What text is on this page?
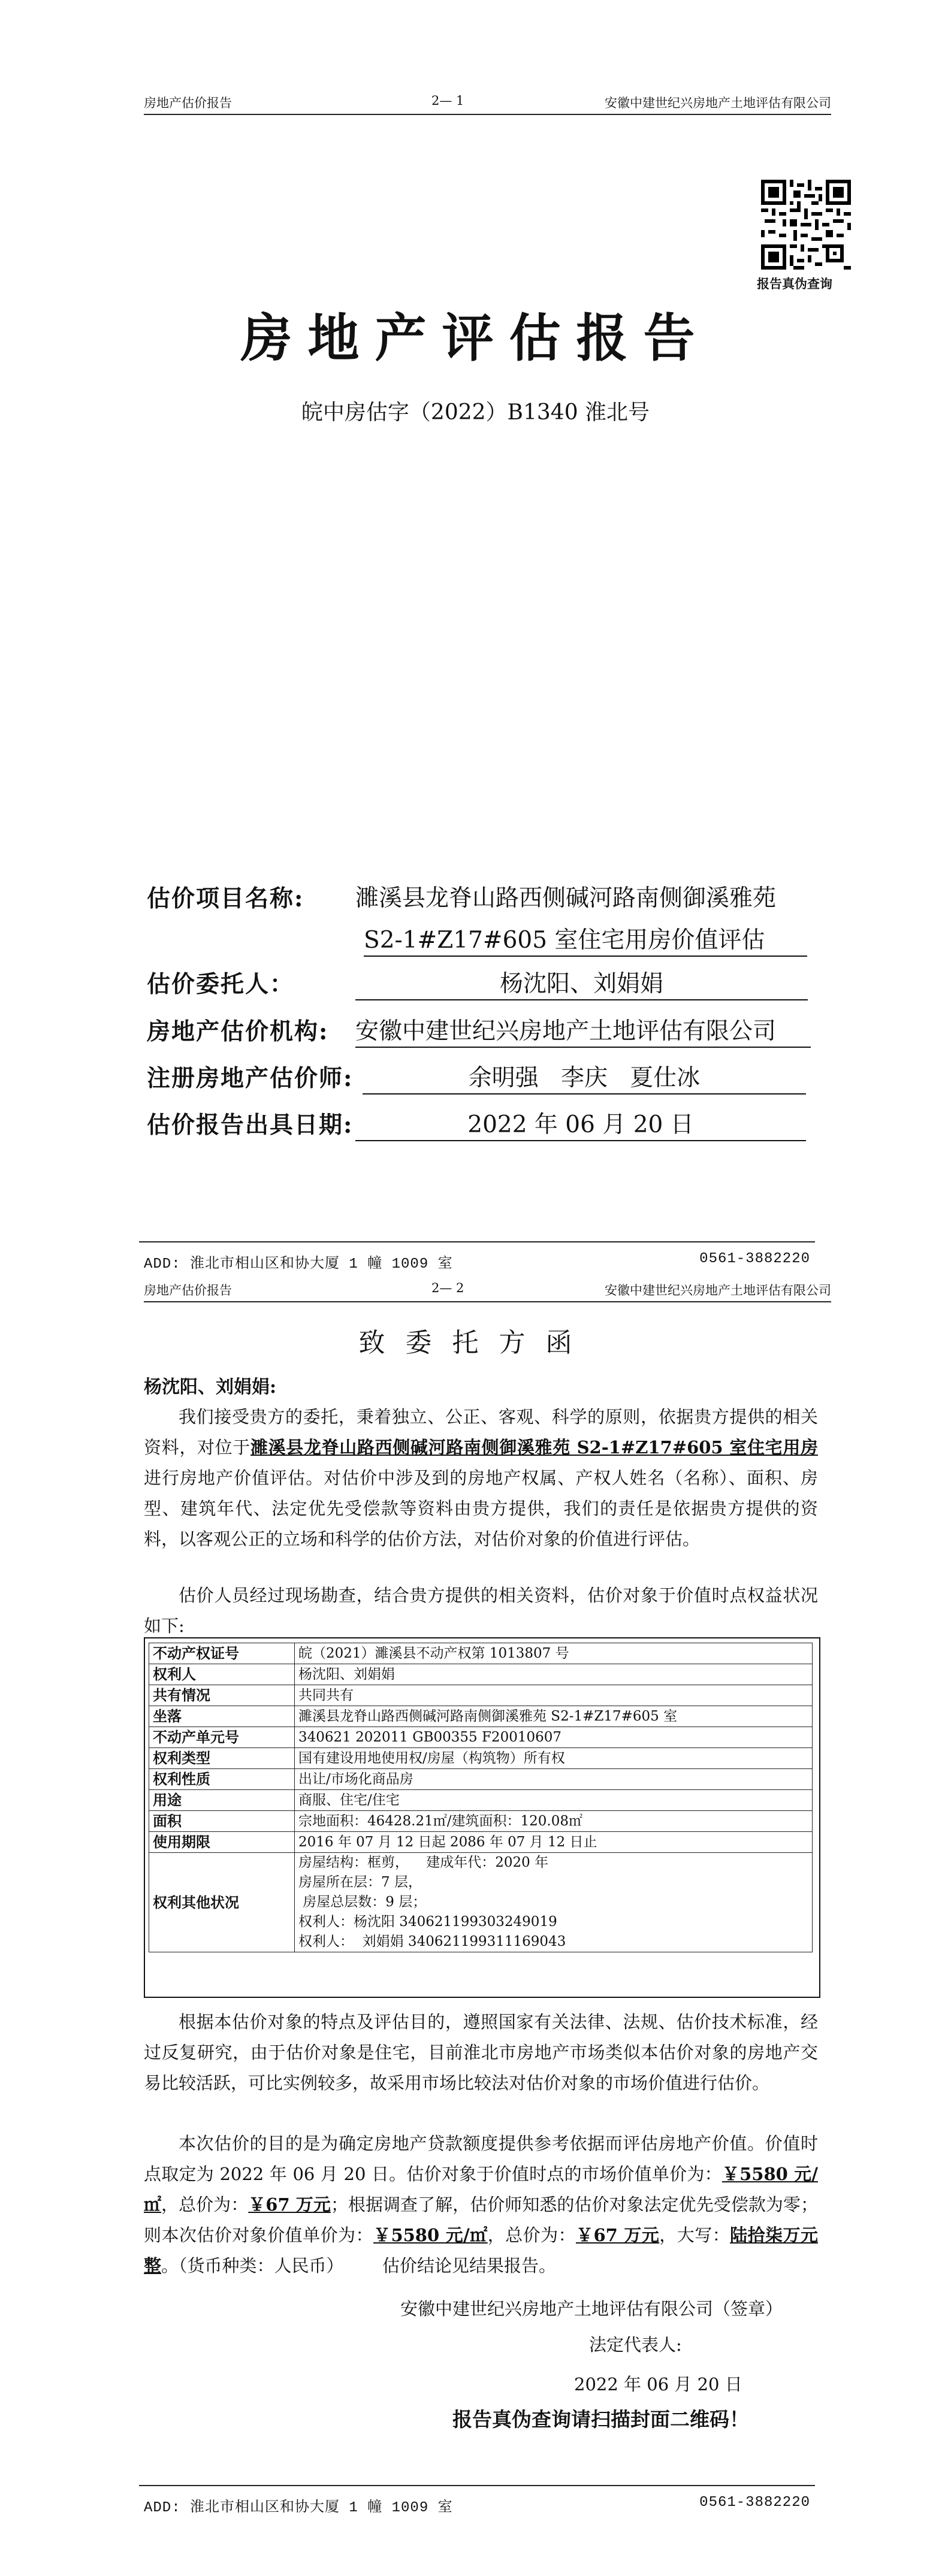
房地产估价报告	2— 1	安徽中建世纪兴房地产土地评估有限公司
报告真伪查询
房地产评估报告
皖中房估字（2022）B1340 淮北号
估价项目名称: 濉溪县龙脊山路西侧碱河路南侧御溪雅苑
S2-1#Z17#605 室住宅用房价值评估
估价委托人：	杨沈阳、刘娟娟
房地产估价机构: 安徽中建世纪兴房地产土地评估有限公司
注册房地产估价师:	余明强   李庆   夏仕冰
估价报告出具日期:	2022 年 06 月 20 日
ADD: 淮北市相山区和协大厦 1 幢 1009 室	0561-3882220
房地产估价报告	2— 2	安徽中建世纪兴房地产土地评估有限公司
致委托方函
杨沈阳、刘娟娟:
我们接受贵方的委托，秉着独立、公正、客观、科学的原则，依据贵方提供的相关资料，对位于濉溪县龙脊山路西侧碱河路南侧御溪雅苑 S2-1#Z17#605 室住宅用房进行房地产价值评估。对估价中涉及到的房地产权属、产权人姓名（名称）、面积、房型、建筑年代、法定优先受偿款等资料由贵方提供，我们的责任是依据贵方提供的资料，以客观公正的立场和科学的估价方法，对估价对象的价值进行评估。
估价人员经过现场勘查，结合贵方提供的相关资料，估价对象于价值时点权益状况如下:
不动产权证号	皖（2021）濉溪县不动产权第 1013807 号
权利人	杨沈阳、刘娟娟
共有情况	共同共有
坐落	濉溪县龙脊山路西侧碱河路南侧御溪雅苑 S2-1#Z17#605 室
不动产单元号	340621 202011 GB00355 F20010607
权利类型	国有建设用地使用权/房屋（构筑物）所有权
权利性质	出让/市场化商品房
用途	商服、住宅/住宅
面积	宗地面积：46428.21㎡/建筑面积：120.08㎡
使用期限	2016 年 07 月 12 日起 2086 年 07 月 12 日止
权利其他状况	房屋结构：框剪，    建成年代：2020 年
房屋所在层：7 层，
房屋总层数：9 层；
权利人：杨沈阳 340621199303249019
权利人：  刘娟娟 340621199311169043
根据本估价对象的特点及评估目的，遵照国家有关法律、法规、估价技术标准，经过反复研究，由于估价对象是住宅，目前淮北市房地产市场类似本估价对象的房地产交易比较活跃，可比实例较多，故采用市场比较法对估价对象的市场价值进行估价。
本次估价的目的是为确定房地产贷款额度提供参考依据而评估房地产价值。价值时点取定为 2022 年 06 月 20 日。估价对象于价值时点的市场价值单价为：￥5580 元/㎡，总价为：￥67 万元；根据调查了解，估价师知悉的估价对象法定优先受偿款为零；则本次估价对象价值单价为：￥5580 元/㎡，总价为：￥67 万元，大写：陆拾柒万元整。（货币种类：人民币）       估价结论见结果报告。
安徽中建世纪兴房地产土地评估有限公司（签章）
法定代表人:
2022 年 06 月 20 日
报告真伪查询请扫描封面二维码！
ADD: 淮北市相山区和协大厦 1 幢 1009 室	0561-3882220
